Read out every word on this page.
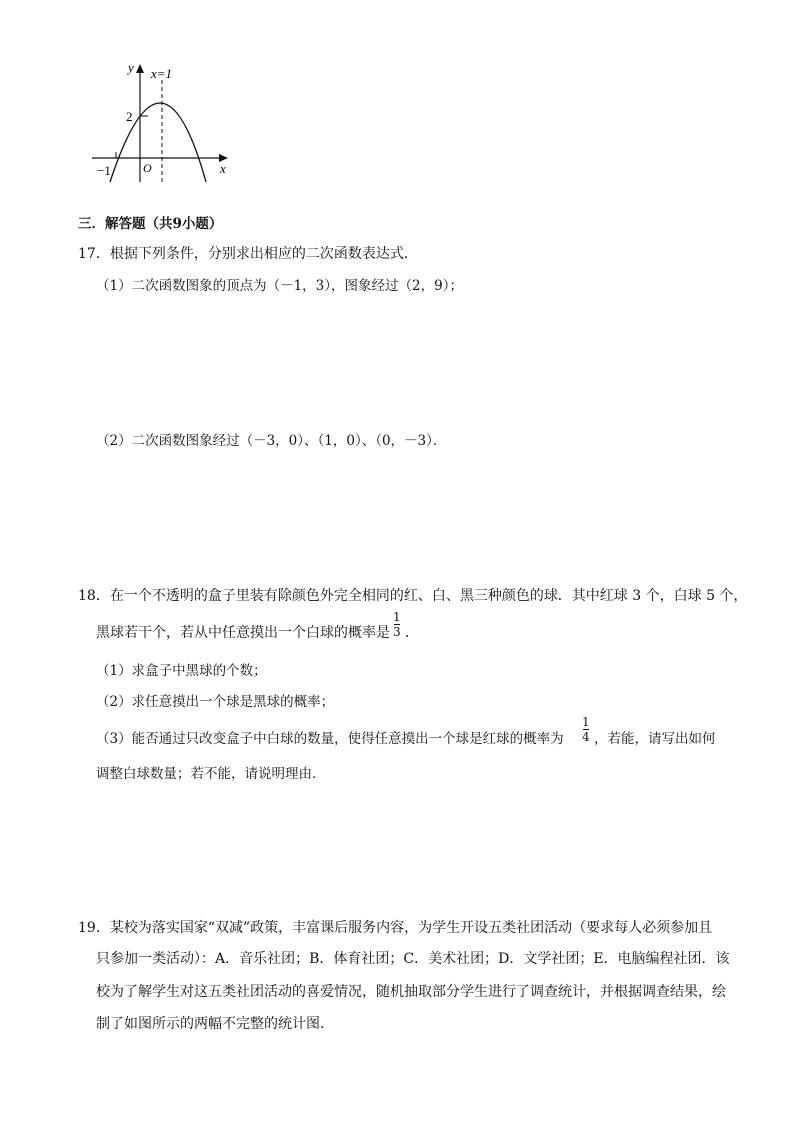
y x=1
2
−1	O	x
三．解答题（共9小题）
17．根据下列条件，分别求出相应的二次函数表达式．
（1）二次函数图象的顶点为（－1，3），图象经过（2，9）；
（2）二次函数图象经过（－3，0）、（1，0）、（0，－3）．
18．在一个不透明的盒子里装有除颜色外完全相同的红、白、黑三种颜色的球．其中红球 3 个，白球 5 个，
黑球若干个，若从中任意摸出一个白球的概率是
1
3 ．
（1）求盒子中黑球的个数；
（2）求任意摸出一个球是黑球的概率；
（3）能否通过只改变盒子中白球的数量，使得任意摸出一个球是红球的概率为
1
4 ，若能，请写出如何
调整白球数量；若不能，请说明理由．
19．某校为落实国家“双减”政策，丰富课后服务内容，为学生开设五类社团活动（要求每人必须参加且
只参加一类活动）：A．音乐社团；B．体育社团；C．美术社团；D．文学社团；E．电脑编程社团．该
校为了解学生对这五类社团活动的喜爱情况，随机抽取部分学生进行了调查统计，并根据调查结果，绘
制了如图所示的两幅不完整的统计图．
